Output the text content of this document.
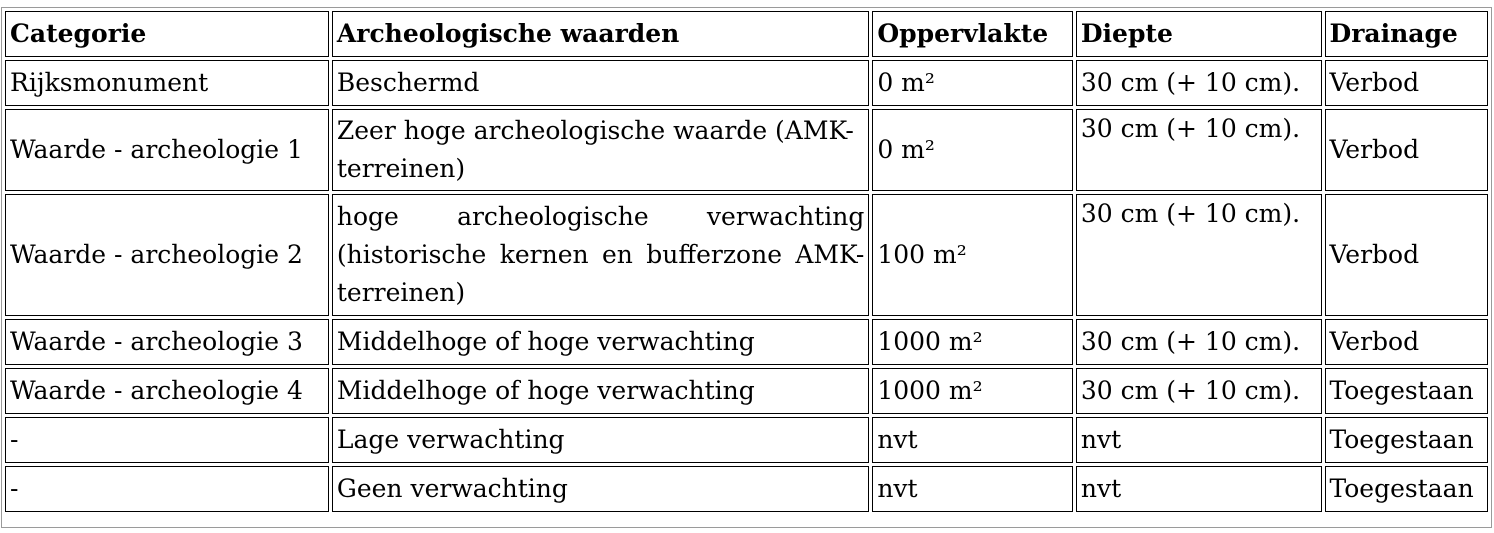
Categorie	Archeologische waarden	Oppervlakte	Diepte	Drainage
Rijksmonument	Beschermd	0 m²	30 cm (+ 10 cm).	Verbod
Waarde - archeologie 1	Zeer hoge archeologische waarde (AMK-terreinen)	0 m²	30 cm (+ 10 cm).	Verbod
Waarde - archeologie 2	hoge archeologische verwachting (historische kernen en bufferzone AMK-terreinen)	100 m²	30 cm (+ 10 cm).	Verbod
Waarde - archeologie 3	Middelhoge of hoge verwachting	1000 m²	30 cm (+ 10 cm).	Verbod
Waarde - archeologie 4	Middelhoge of hoge verwachting	1000 m²	30 cm (+ 10 cm).	Toegestaan
-	Lage verwachting	nvt	nvt	Toegestaan
-	Geen verwachting	nvt	nvt	Toegestaan
